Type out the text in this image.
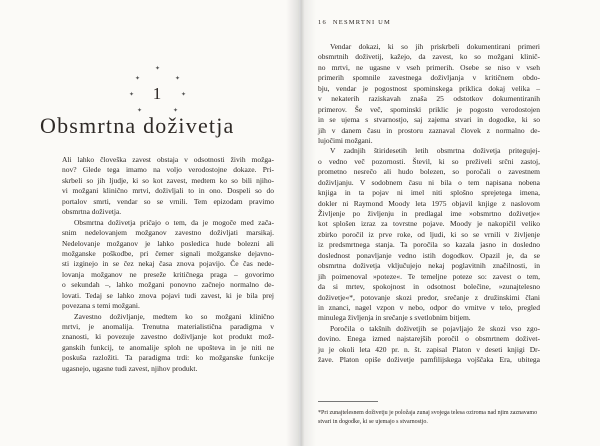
✦
✦	✦
✦	✦
✦	✦
1
Obsmrtna doživetja
Ali lahko človeška zavest obstaja v odsotnosti živih možga-
nov? Glede tega imamo na voljo verodostojne dokaze. Pri-
skrbeli so jih ljudje, ki so kot zavest, medtem ko so bili njiho-
vi možgani klinično mrtvi, doživljali to in ono. Dospeli so do
portalov smrti, vendar so se vrnili. Tem epizodam pravimo
obsmrtna doživetja.
Obsmrtna doživetja pričajo o tem, da je mogoče med zača-
snim nedelovanjem možganov zavestno doživljati marsikaj.
Nedelovanje možganov je lahko posledica hude bolezni ali
možganske poškodbe, pri čemer signali možganske dejavno-
sti izginejo in se čez nekaj časa znova pojavijo. Če čas nede-
lovanja možganov ne preseže kritičnega praga – govorimo
o sekundah –, lahko možgani ponovno začnejo normalno de-
lovati. Tedaj se lahko znova pojavi tudi zavest, ki je bila prej
povezana s temi možgani.
Zavestno doživljanje, medtem ko so možgani klinično
mrtvi, je anomalija. Trenutna materialistična paradigma v
znanosti, ki povezuje zavestno doživljanje kot produkt mož-
ganskih funkcij, te anomalije sploh ne upošteva in je niti ne
poskuša razložiti. Ta paradigma trdi: ko možganske funkcije
ugasnejo, ugasne tudi zavest, njihov produkt.
16 NESMRTNI UM
Vendar dokazi, ki so jih priskrbeli dokumentirani primeri
obsmrtnih doživetij, kažejo, da zavest, ko so možgani klinič-
no mrtvi, ne ugasne v vseh primerih. Osebe se niso v vseh
primerih spomnile zavestnega doživljanja v kritičnem obdo-
bju, vendar je pogostnost spominskega priklica dokaj velika –
v nekaterih raziskavah znaša 25 odstotkov dokumentiranih
primerov. Še več, spominski priklic je pogosto verodostojen
in se ujema s stvarnostjo, saj zajema stvari in dogodke, ki so
jih v danem času in prostoru zaznaval človek z normalno de-
lujočimi možgani.
V zadnjih štiridesetih letih obsmrtna doživetja pritegujej-
o vedno več pozornosti. Števil, ki so preživeli srčni zastoj,
prometno nesrečo ali hudo bolezen, so poročali o zavestnem
doživljanju. V sodobnem času ni bila o tem napisana nobena
knjiga in ta pojav ni imel niti splošno sprejetega imena,
dokler ni Raymond Moody leta 1975 objavil knjige z naslovom
Življenje po življenju in predlagal ime »obsmrtno doživetje«
kot splošen izraz za tovrstne pojave. Moody je nakopičil veliko
zbirko poročil iz prve roke, od ljudi, ki so se vrnili v življenje
iz predsmrtnega stanja. Ta poročila so kazala jasno in dosledno
doslednost ponavljanje vedno istih dogodkov. Opazil je, da se
obsmrtna doživetja vključujejo nekaj poglavitnih značilnosti, in
jih poimenoval »poteze«. Te temeljne poteze so: zavest o tem,
da si mrtev, spokojnost in odsotnost bolečine, »zunajtelesno
doživetje«*, potovanje skozi predor, srečanje z družinskimi člani
in znanci, nagel vzpon v nebo, odpor do vrnitve v telo, pregled
minulega življenja in srečanje s svetlobnim bitjem.
Poročila o takšnih doživetjih se pojavljajo že skozi vso zgo-
dovino. Enega izmed najstarejših poročil o obsmrtnem doživet-
ju je okoli leta 420 pr. n. št. zapisal Platon v deseti knjigi Dr-
žave. Platon opiše doživetje pamfilijskega vojščaka Era, ubitega
*Pri zunajtelesnem doživetju je položaja zunaj svojega telesa oziroma nad njim zaznavamo stvari in dogodke, ki se ujemajo s stvarnostjo.
